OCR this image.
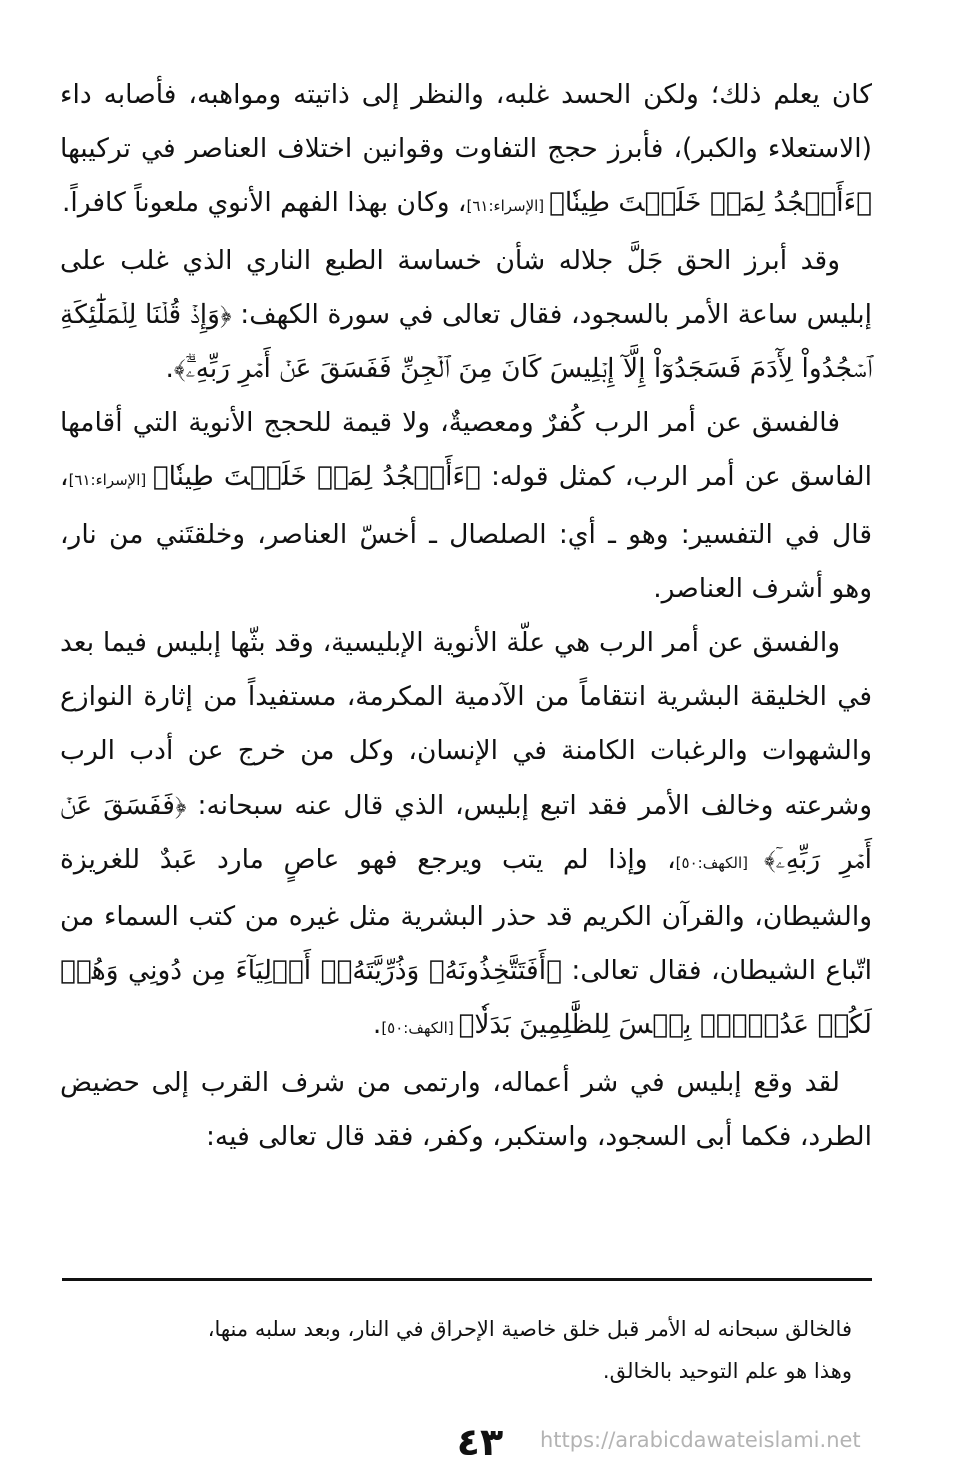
كان يعلم ذلك؛ ولكن الحسد غلبه، والنظر إلى ذاتيته ومواهبه، فأصابه داء (الاستعلاء والكبر)، فأبرز حجج التفاوت وقوانين اختلاف العناصر في تركيبها ﴿ءَأَسۡجُدُ لِمَنۡ خَلَقۡتَ طِينٗا﴾ [الإسراء:٦١]، وكان بهذا الفهم الأنوي ملعوناً كافراً.

وقد أبرز الحق جَلَّ جلاله شأن خساسة الطبع الناري الذي غلب على إبليس ساعة الأمر بالسجود، فقال تعالى في سورة الكهف: ﴿وَإِذۡ قُلۡنَا لِلۡمَلَٰٓئِكَةِ ٱسۡجُدُواْ لِأٓدَمَ فَسَجَدُوٓاْ إِلَّآ إِبۡلِيسَ كَانَ مِنَ ٱلۡجِنِّ فَفَسَقَ عَنۡ أَمۡرِ رَبِّهِۦٓۗ﴾.

فالفسق عن أمر الرب كُفرٌ ومعصيةٌ، ولا قيمة للحجج الأنوية التي أقامها الفاسق عن أمر الرب، كمثل قوله: ﴿ءَأَسۡجُدُ لِمَنۡ خَلَقۡتَ طِينٗا﴾ [الإسراء:٦١]، قال في التفسير: وهو ـ أي: الصلصال ـ أخسّ العناصر، وخلقتَني من نار، وهو أشرف العناصر.

والفسق عن أمر الرب هي علّة الأنوية الإبليسية، وقد بثّها إبليس فيما بعد في الخليقة البشرية انتقاماً من الآدمية المكرمة، مستفيداً من إثارة النوازع والشهوات والرغبات الكامنة في الإنسان، وكل من خرج عن أدب الرب وشرعته وخالف الأمر فقد اتبع إبليس، الذي قال عنه سبحانه: ﴿فَفَسَقَ عَنۡ أَمۡرِ رَبِّهِۦٓ﴾ [الكهف:٥٠]، وإذا لم يتب ويرجع فهو عاصٍ مارد عَبدٌ للغريزة والشيطان، والقرآن الكريم قد حذر البشرية مثل غيره من كتب السماء من اتّباع الشيطان، فقال تعالى: ﴿أَفَتَتَّخِذُونَهُۥ وَذُرِّيَّتَهُۥٓ أَوۡلِيَآءَ مِن دُونِي وَهُمۡ لَكُمۡ عَدُوُّۢۚ بِئۡسَ لِلظَّٰلِمِينَ بَدَلٗا﴾ [الكهف:٥٠].

لقد وقع إبليس في شر أعماله، وارتمى من شرف القرب إلى حضيض الطرد، فكما أبى السجود، واستكبر، وكفر، فقد قال تعالى فيه:

فالخالق سبحانه له الأمر قبل خلق خاصية الإحراق في النار، وبعد سلبه منها،

وهذا هو علم التوحيد بالخالق.

٤٣	https://arabicdawateislami.net
